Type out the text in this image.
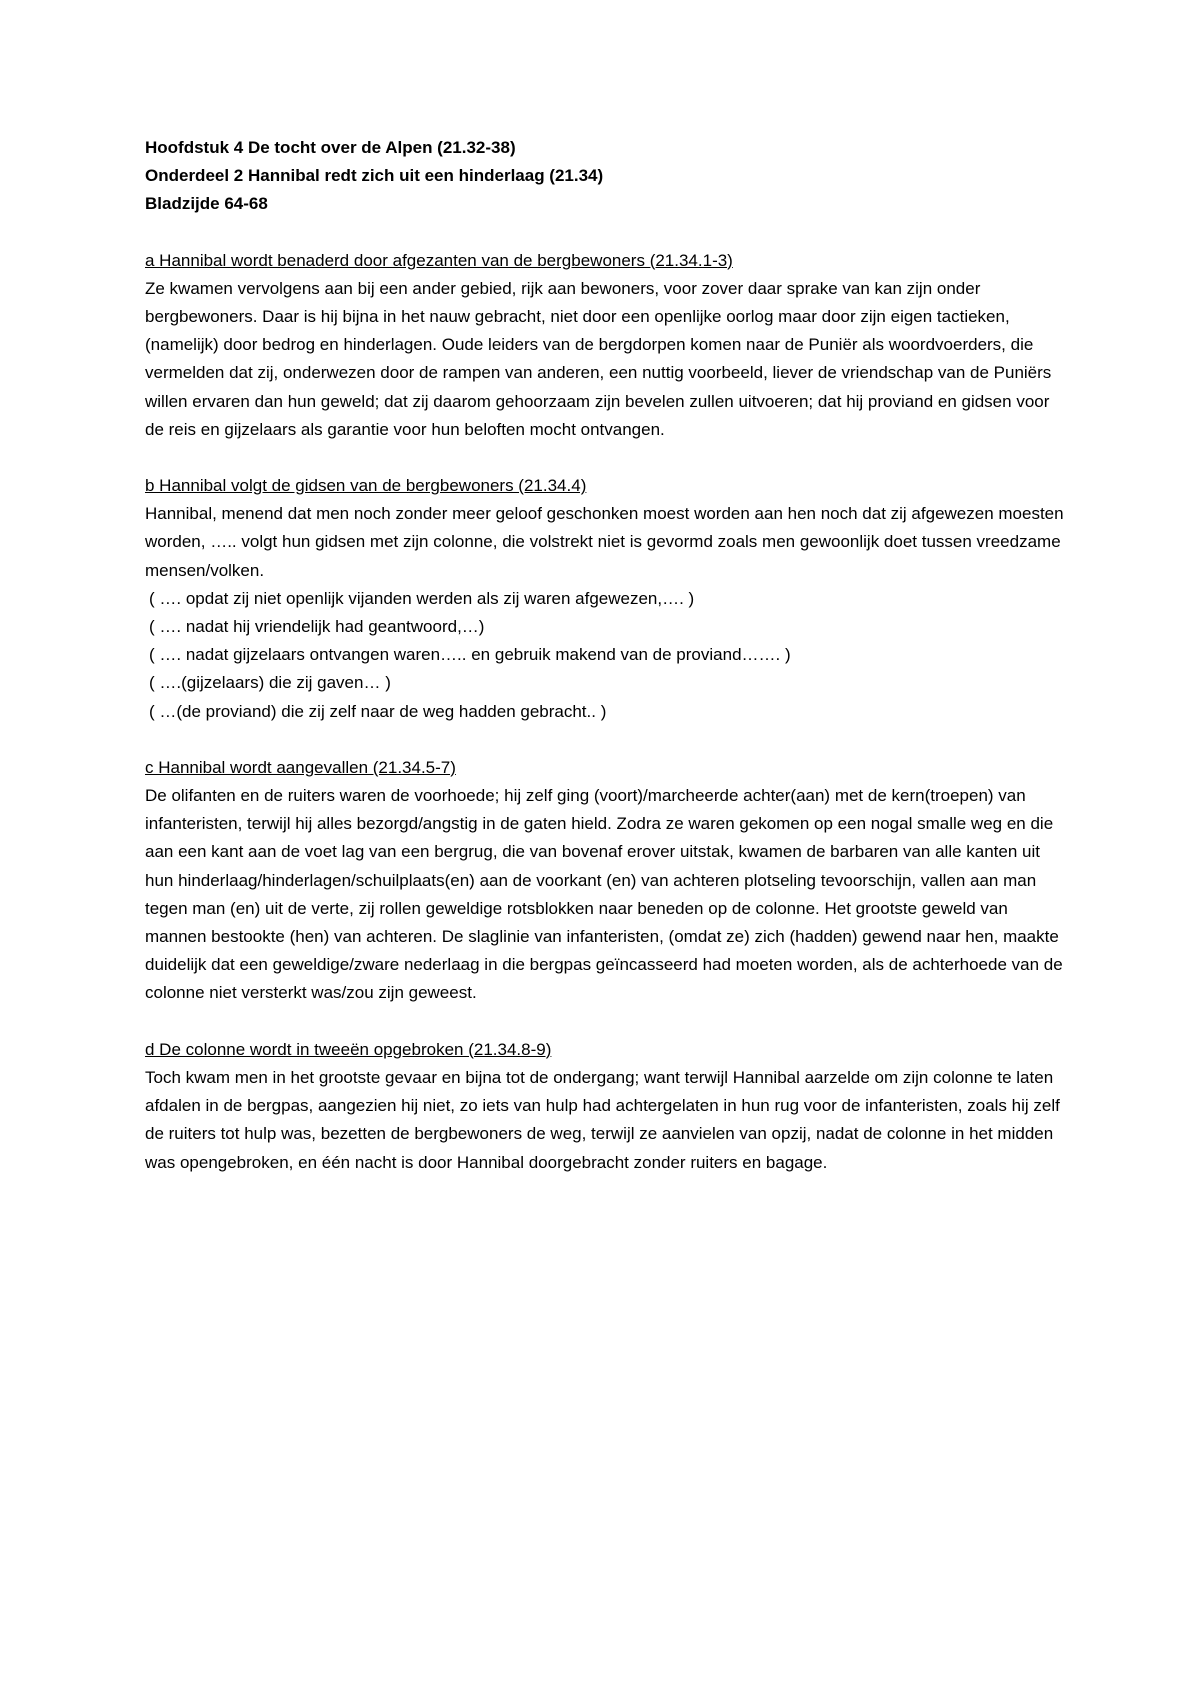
Hoofdstuk 4 De tocht over de Alpen (21.32-38)
Onderdeel 2 Hannibal redt zich uit een hinderlaag (21.34)
Bladzijde 64-68
a Hannibal wordt benaderd door afgezanten van de bergbewoners (21.34.1-3)
Ze kwamen vervolgens aan bij een ander gebied, rijk aan bewoners, voor zover daar sprake van kan zijn onder bergbewoners. Daar is hij bijna in het nauw gebracht, niet door een openlijke oorlog maar door zijn eigen tactieken, (namelijk) door bedrog en hinderlagen. Oude leiders van de bergdorpen komen naar de Puniër als woordvoerders, die vermelden dat zij, onderwezen door de rampen van anderen, een nuttig voorbeeld, liever de vriendschap van de Puniërs willen ervaren dan hun geweld; dat zij daarom gehoorzaam zijn bevelen zullen uitvoeren; dat hij proviand en gidsen voor de reis en gijzelaars als garantie voor hun beloften mocht ontvangen.
b Hannibal volgt de gidsen van de bergbewoners (21.34.4)
Hannibal, menend dat men noch zonder meer geloof geschonken moest worden aan hen noch dat zij afgewezen moesten worden, ….. volgt hun gidsen met zijn colonne, die volstrekt niet is gevormd zoals men gewoonlijk doet tussen vreedzame mensen/volken.
( …. opdat zij niet openlijk vijanden werden als zij waren afgewezen,…. )
( …. nadat hij vriendelijk had geantwoord,…)
( …. nadat gijzelaars ontvangen waren….. en gebruik makend van de proviand……. )
( ….(gijzelaars) die zij gaven… )
( …(de proviand) die zij zelf naar de weg hadden gebracht.. )
c Hannibal wordt aangevallen (21.34.5-7)
De olifanten en de ruiters waren de voorhoede; hij zelf ging (voort)/marcheerde achter(aan) met de kern(troepen) van infanteristen, terwijl hij alles bezorgd/angstig in de gaten hield. Zodra ze waren gekomen op een nogal smalle weg en die aan een kant aan de voet lag van een bergrug, die van bovenaf erover uitstak, kwamen de barbaren van alle kanten uit hun hinderlaag/hinderlagen/schuilplaats(en) aan de voorkant (en) van achteren plotseling tevoorschijn, vallen aan man tegen man (en) uit de verte, zij rollen geweldige rotsblokken naar beneden op de colonne. Het grootste geweld van mannen bestookte (hen) van achteren. De slaglinie van infanteristen, (omdat ze) zich (hadden) gewend naar hen, maakte duidelijk dat een geweldige/zware nederlaag in die bergpas geïncasseerd had moeten worden, als de achterhoede van de colonne niet versterkt was/zou zijn geweest.
d De colonne wordt in tweeën opgebroken (21.34.8-9)
Toch kwam men in het grootste gevaar en bijna tot de ondergang; want terwijl Hannibal aarzelde om zijn colonne te laten afdalen in de bergpas, aangezien hij niet, zo iets van hulp had achtergelaten in hun rug voor de infanteristen, zoals hij zelf de ruiters tot hulp was, bezetten de bergbewoners de weg, terwijl ze aanvielen van opzij, nadat de colonne in het midden was opengebroken, en één nacht is door Hannibal doorgebracht zonder ruiters en bagage.
